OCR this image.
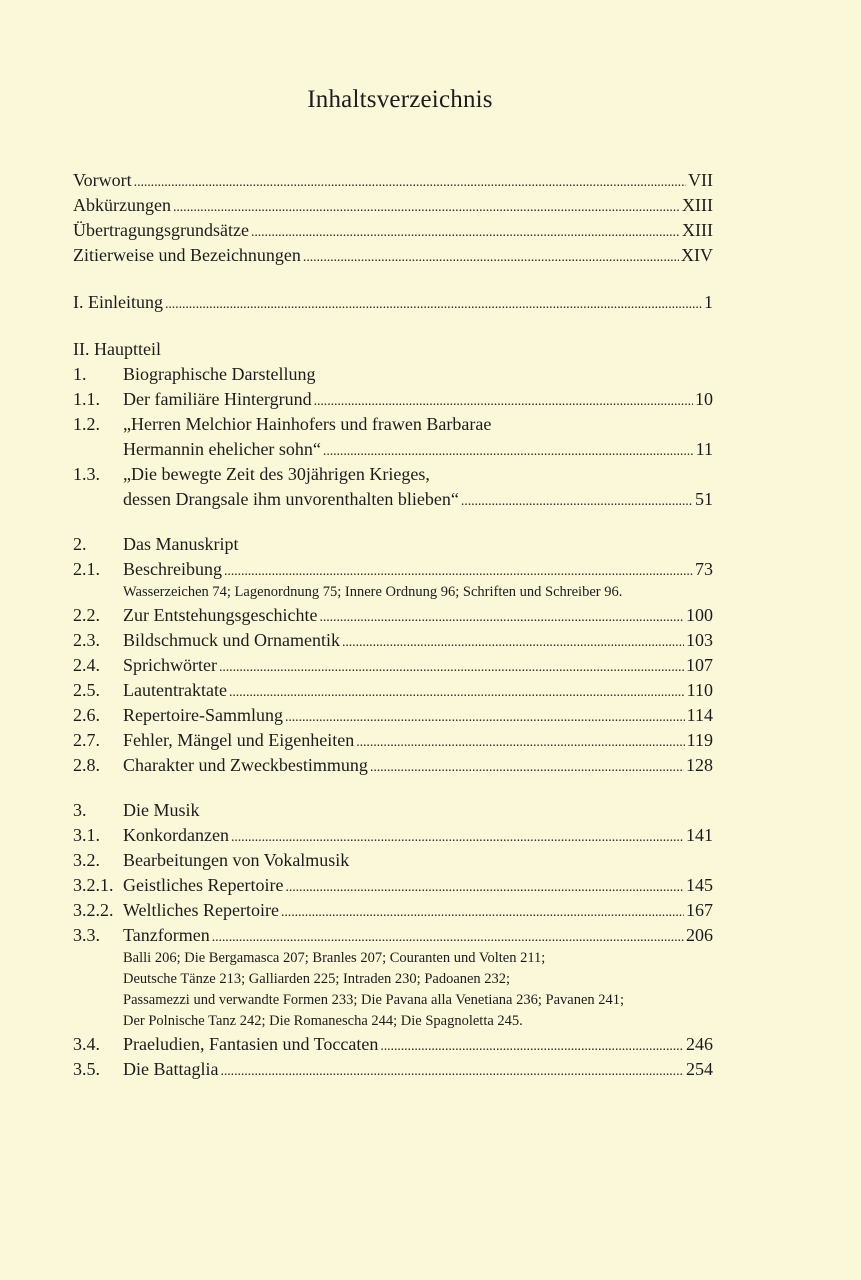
Inhaltsverzeichnis
Vorwort . . .	VII
Abkürzungen . . .	XIII
Übertragungsgrundsätze . . .	XIII
Zitierweise und Bezeichnungen . . .	XIV
I. Einleitung . . .	1
II. Hauptteil
1.	Biographische Darstellung
1.1.	Der familiäre Hintergrund . . .	10
1.2.	„Herren Melchior Hainhofers und frawen Barbarae
Hermannin ehelicher sohn“ . . .	11
1.3.	„Die bewegte Zeit des 30jährigen Krieges,
dessen Drangsale ihm unvorenthalten blieben“ . . .	51
2.	Das Manuskript
2.1.	Beschreibung . . .	73
Wasserzeichen 74; Lagenordnung 75; Innere Ordnung 96; Schriften und Schreiber 96.
2.2.	Zur Entstehungsgeschichte . . .	100
2.3.	Bildschmuck und Ornamentik . . .	103
2.4.	Sprichwörter . . .	107
2.5.	Lautentraktate . . .	110
2.6.	Repertoire-Sammlung . . .	114
2.7.	Fehler, Mängel und Eigenheiten . . .	119
2.8.	Charakter und Zweckbestimmung . . .	128
3.	Die Musik
3.1.	Konkordanzen . . .	141
3.2.	Bearbeitungen von Vokalmusik
3.2.1. Geistliches Repertoire . . .	145
3.2.2. Weltliches Repertoire . . .	167
3.3.	Tanzformen . . .	206
Balli 206; Die Bergamasca 207; Branles 207; Couranten und Volten 211;
Deutsche Tänze 213; Galliarden 225; Intraden 230; Padoanen 232;
Passamezzi und verwandte Formen 233; Die Pavana alla Venetiana 236; Pavanen 241;
Der Polnische Tanz 242; Die Romanescha 244; Die Spagnoletta 245.
3.4.	Praeludien, Fantasien und Toccaten . . .	246
3.5.	Die Battaglia . . .	254
